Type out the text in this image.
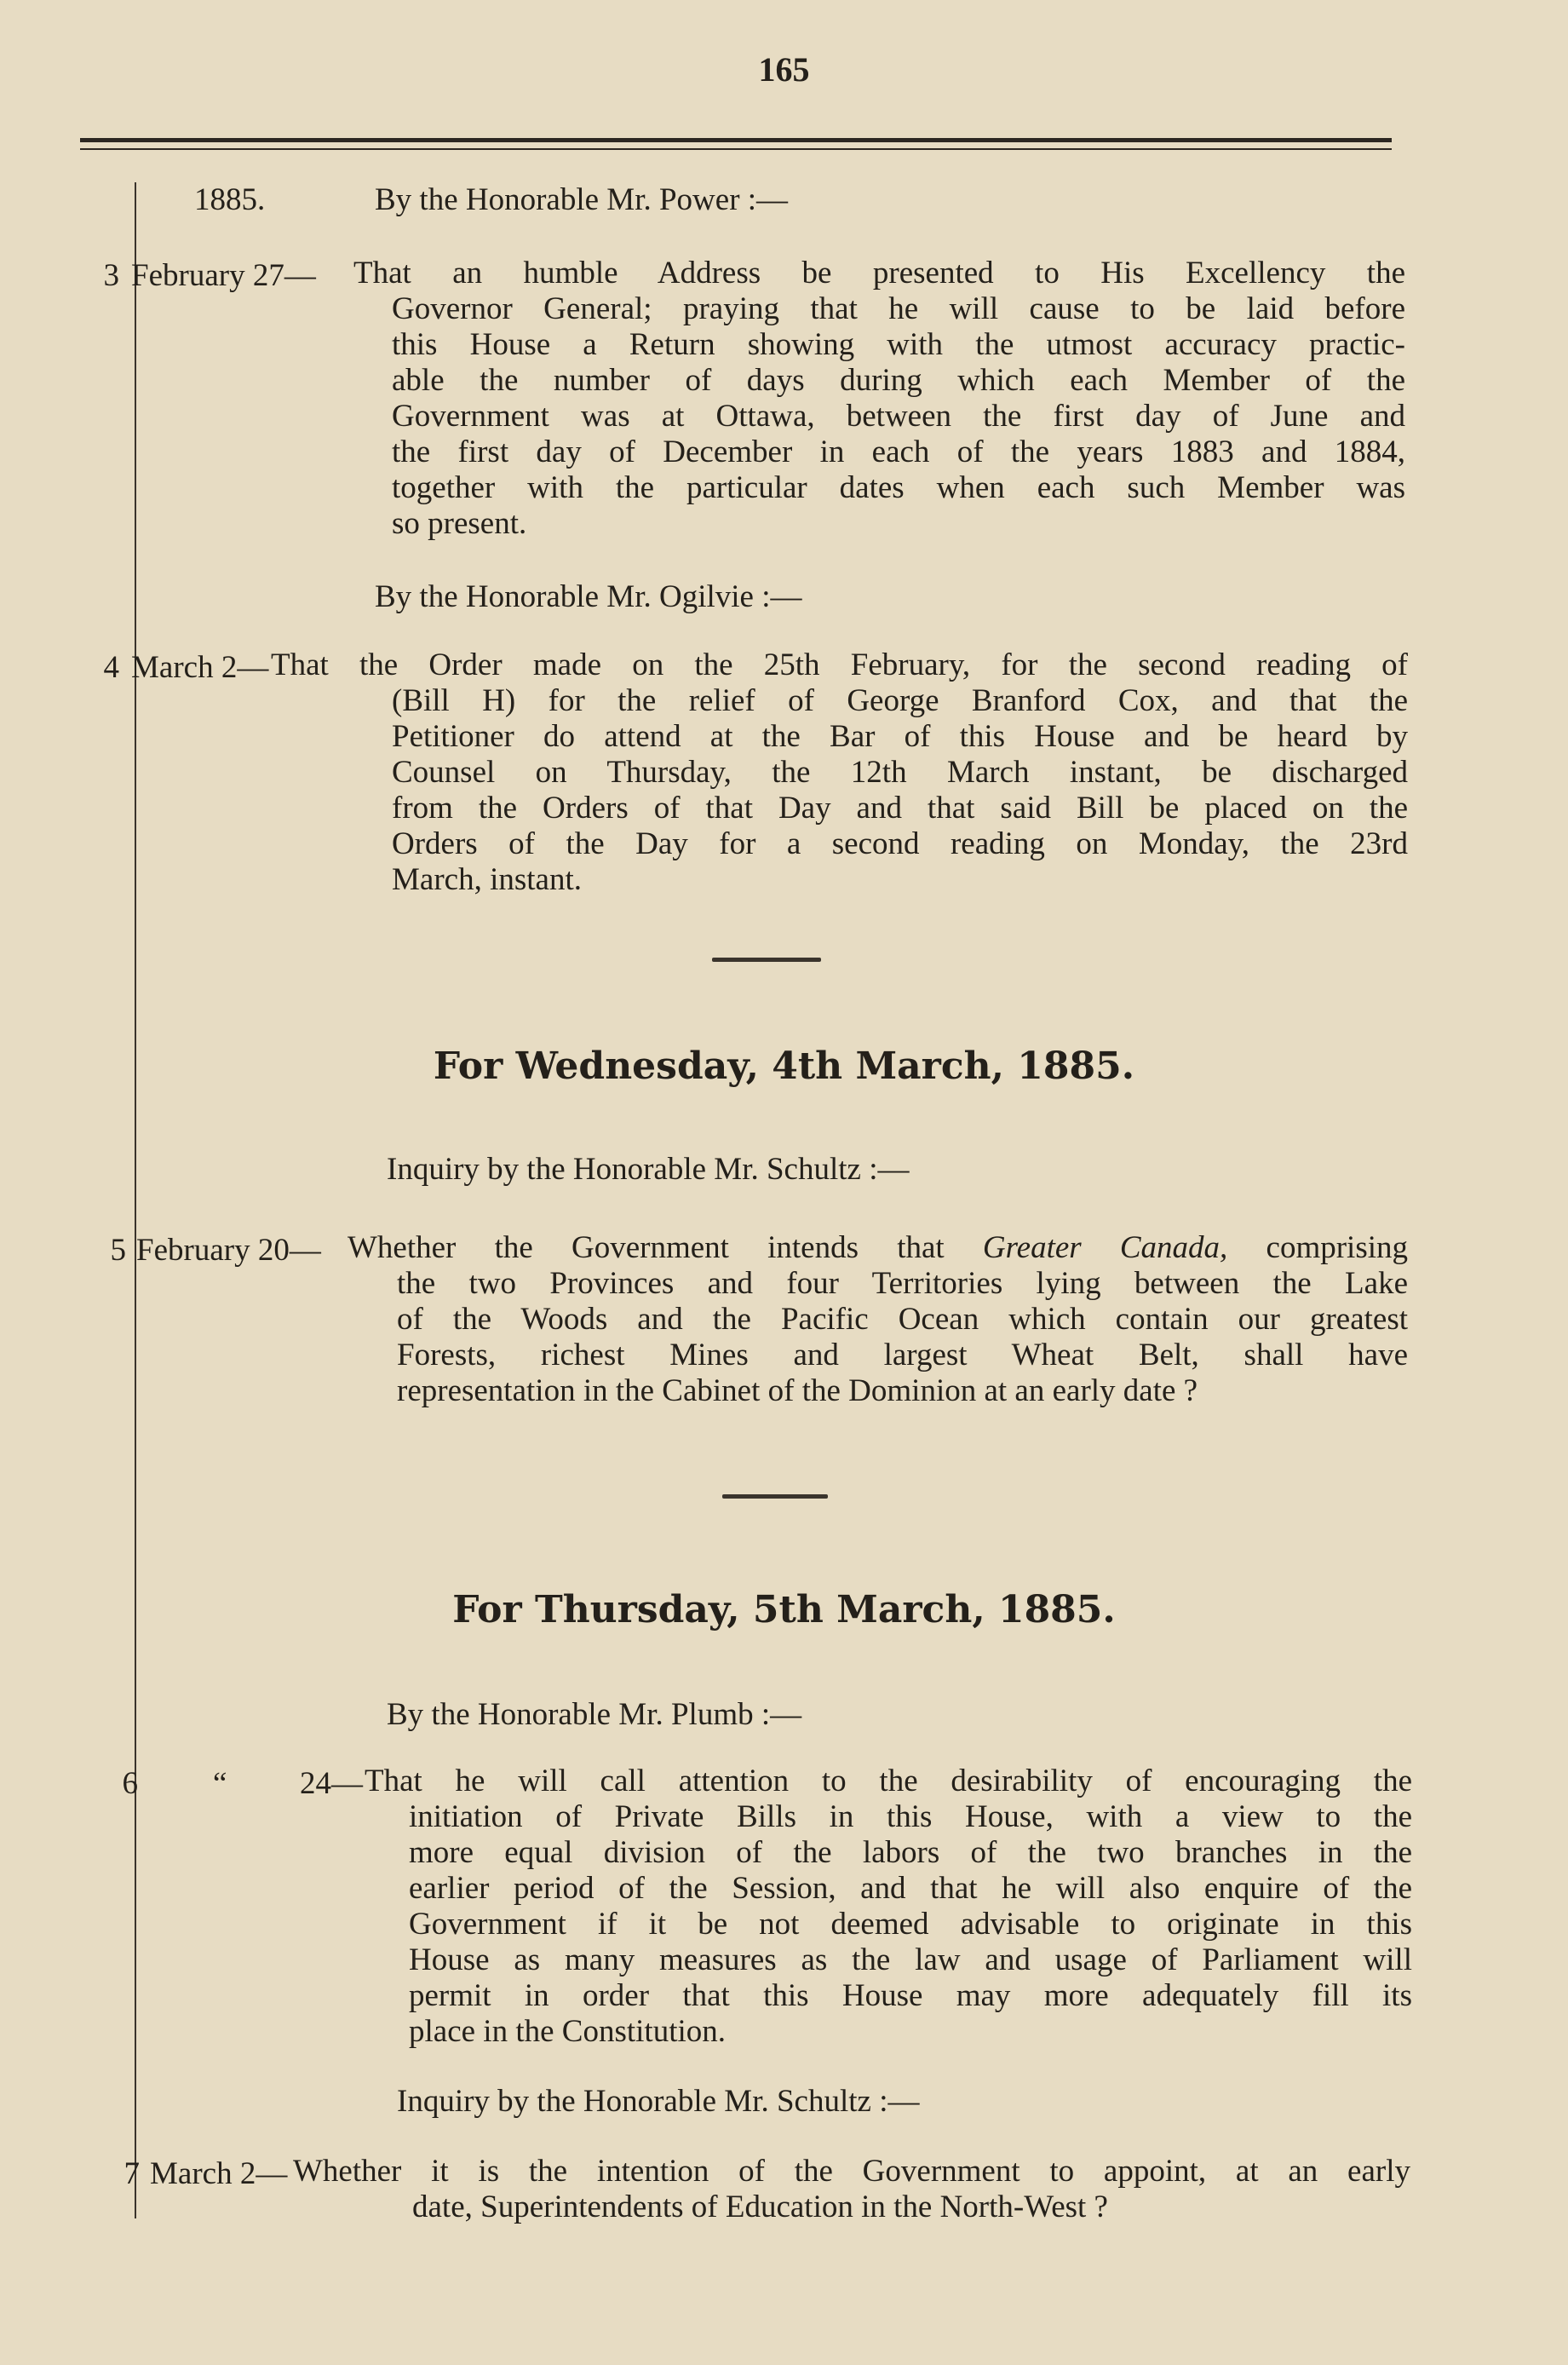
165
1885.	By the Honorable Mr. Power :—
3 February 27— That an humble Address be presented to His Excellency the
Governor General; praying that he will cause to be laid before
this House a Return showing with the utmost accuracy practic-
able the number of days during which each Member of the
Government was at Ottawa, between the first day of June and
the first day of December in each of the years 1883 and 1884,
together with the particular dates when each such Member was
so present.
By the Honorable Mr. Ogilvie :—
4 March 2— That the Order made on the 25th February, for the second reading of
(Bill H) for the relief of George Branford Cox, and that the
Petitioner do attend at the Bar of this House and be heard by
Counsel on Thursday, the 12th March instant, be discharged
from the Orders of that Day and that said Bill be placed on the
Orders of the Day for a second reading on Monday, the 23rd
March, instant.
For Wednesday, 4th March, 1885.
Inquiry by the Honorable Mr. Schultz :—
5 February 20— Whether the Government intends that Greater Canada, comprising
the two Provinces and four Territories lying between the Lake
of the Woods and the Pacific Ocean which contain our greatest
Forests, richest Mines and largest Wheat Belt, shall have
representation in the Cabinet of the Dominion at an early date ?
For Thursday, 5th March, 1885.
By the Honorable Mr. Plumb :—
6 “ 24— That he will call attention to the desirability of encouraging the
initiation of Private Bills in this House, with a view to the
more equal division of the labors of the two branches in the
earlier period of the Session, and that he will also enquire of the
Government if it be not deemed advisable to originate in this
House as many measures as the law and usage of Parliament will
permit in order that this House may more adequately fill its
place in the Constitution.
Inquiry by the Honorable Mr. Schultz :—
7 March 2— Whether it is the intention of the Government to appoint, at an early
date, Superintendents of Education in the North-West ?
